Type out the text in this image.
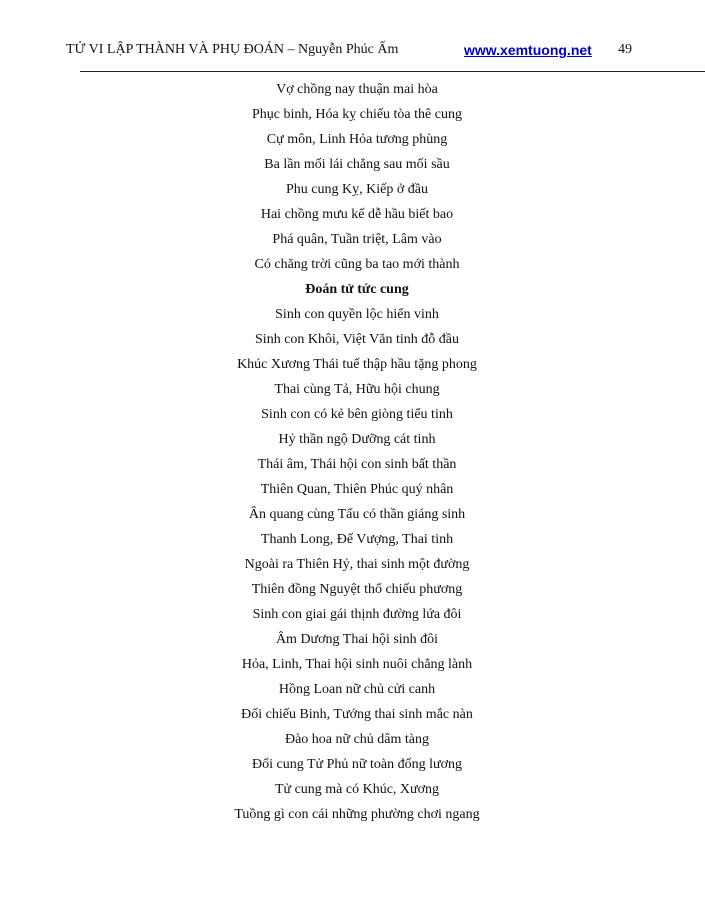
TỬ VI LẬP THÀNH VÀ PHỤ ĐOÁN – Nguyễn Phúc Ấm	www.xemtuong.net 49
Vợ chồng nay thuận mai hòa
Phục binh, Hóa kỵ chiếu tòa thê cung
Cự môn, Linh Hỏa tương phùng
Ba lần mối lái chẳng sau mối sầu
Phu cung Kỵ, Kiếp ở đầu
Hai chồng mưu kế dễ hầu biết bao
Phá quân, Tuần triệt, Lâm vào
Có chăng trời cũng ba tao mới thành
Đoán tử tức cung
Sinh con quyền lộc hiển vinh
Sinh con Khôi, Việt Văn tinh đỗ đầu
Khúc Xương Thái tuế thập hầu tặng phong
Thai cùng Tả, Hữu hội chung
Sinh con có kẻ bên giòng tiểu tinh
Hỷ thần ngộ Dưỡng cát tinh
Thái âm, Thái hội con sinh bất thần
Thiên Quan, Thiên Phúc quý nhân
Ân quang cùng Tấu có thần giáng sinh
Thanh Long, Đế Vượng, Thai tinh
Ngoài ra Thiên Hỷ, thai sinh một đường
Thiên đồng Nguyệt thổ chiếu phương
Sinh con giai gái thịnh đường lứa đôi
Âm Dương Thai hội sinh đôi
Hỏa, Linh, Thai hội sinh nuôi chẳng lành
Hồng Loan nữ chủ cửi canh
Đối chiếu Binh, Tướng thai sinh mắc nàn
Đào hoa nữ chủ dâm tàng
Đối cung Tử Phủ nữ toàn đống lương
Tử cung mà có Khúc, Xương
Tuồng gì con cái những phường chơi ngang
